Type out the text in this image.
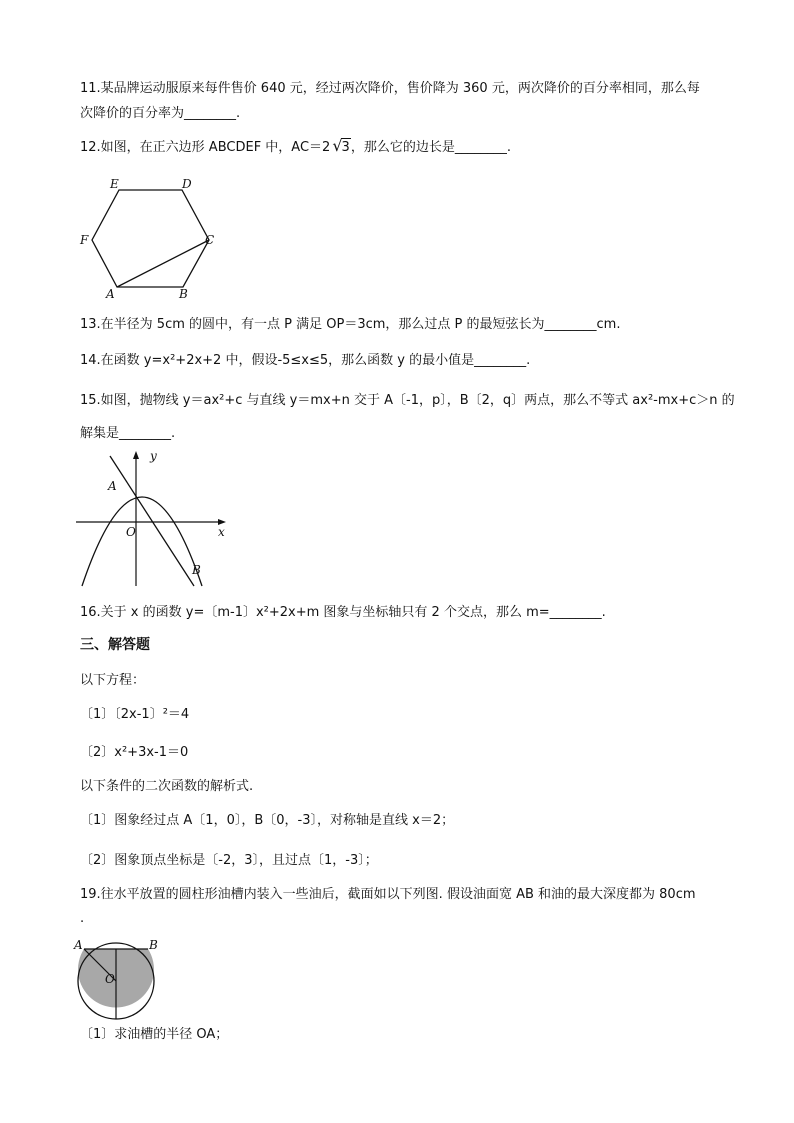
11.某品牌运动服原来每件售价 640 元，经过两次降价，售价降为 360 元，两次降价的百分率相同，那么每
次降价的百分率为________.
12.如图，在正六边形 ABCDEF 中，AC＝2 √3，那么它的边长是________.
E	D
F	C
A	B
13.在半径为 5cm 的圆中，有一点 P 满足 OP＝3cm，那么过点 P 的最短弦长为________cm.
14.在函数 y=x²+2x+2 中，假设-5≤x≤5，那么函数 y 的最小值是________.
15.如图，抛物线 y＝ax²+c 与直线 y＝mx+n 交于 A〔-1，p〕，B〔2，q〕两点，那么不等式 ax²-mx+c＞n 的
解集是________.
y
x
O
A
B
16.关于 x 的函数 y=〔m-1〕x²+2x+m 图象与坐标轴只有 2 个交点，那么 m=________.
三、解答题
以下方程：
〔1〕〔2x-1〕²＝4
〔2〕x²+3x-1＝0
以下条件的二次函数的解析式.
〔1〕图象经过点 A〔1，0〕，B〔0，-3〕，对称轴是直线 x＝2；
〔2〕图象顶点坐标是〔-2，3〕，且过点〔1，-3〕；
19.往水平放置的圆柱形油槽内装入一些油后，截面如以下列图. 假设油面宽 AB 和油的最大深度都为 80cm
.
A	B
O
〔1〕求油槽的半径 OA；
